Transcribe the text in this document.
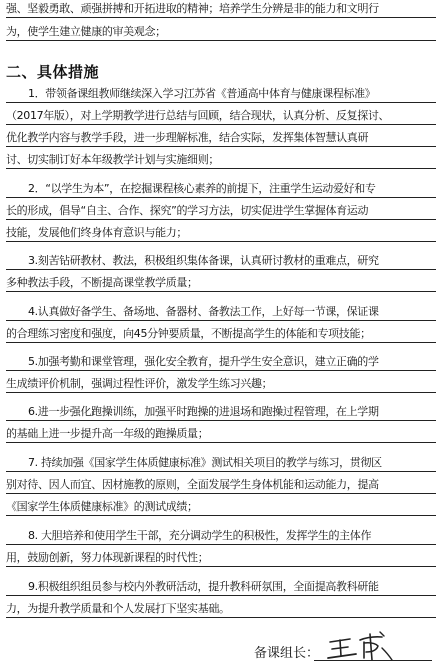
强、坚毅勇敢、顽强拼搏和开拓进取的精神；培养学生分辨是非的能力和文明行
为，使学生建立健康的审美观念；
二、具体措施
1．带领备课组教师继续深入学习江苏省《普通高中体育与健康课程标准》
（2017年版），对上学期教学进行总结与回顾，结合现状，认真分析、反复探讨、
优化教学内容与教学手段，进一步理解标准，结合实际，发挥集体智慧认真研
讨、切实制订好本年级教学计划与实施细则；
2．“以学生为本”，在挖掘课程核心素养的前提下，注重学生运动爱好和专
长的形成，倡导“自主、合作、探究”的学习方法，切实促进学生掌握体育运动
技能，发展他们终身体育意识与能力；
3.刻苦钻研教材、教法，积极组织集体备课，认真研讨教材的重难点，研究
多种教法手段，不断提高课堂教学质量；
4.认真做好备学生、备场地、备器材、备教法工作，上好每一节课，保证课
的合理练习密度和强度，向45分钟要质量，不断提高学生的体能和专项技能；
5.加强考勤和课堂管理，强化安全教育，提升学生安全意识，建立正确的学
生成绩评价机制，强调过程性评价，激发学生练习兴趣；
6.进一步强化跑操训练，加强平时跑操的进退场和跑操过程管理，在上学期
的基础上进一步提升高一年级的跑操质量；
7. 持续加强《国家学生体质健康标准》测试相关项目的教学与练习，贯彻区
别对待、因人而宜、因材施教的原则，全面发展学生身体机能和运动能力，提高
《国家学生体质健康标准》的测试成绩；
8. 大胆培养和使用学生干部，充分调动学生的积极性，发挥学生的主体作
用，鼓励创新，努力体现新课程的时代性；
9.积极组织组员参与校内外教研活动，提升教科研氛围，全面提高教科研能
力，为提升教学质量和个人发展打下坚实基础。
备课组长：
